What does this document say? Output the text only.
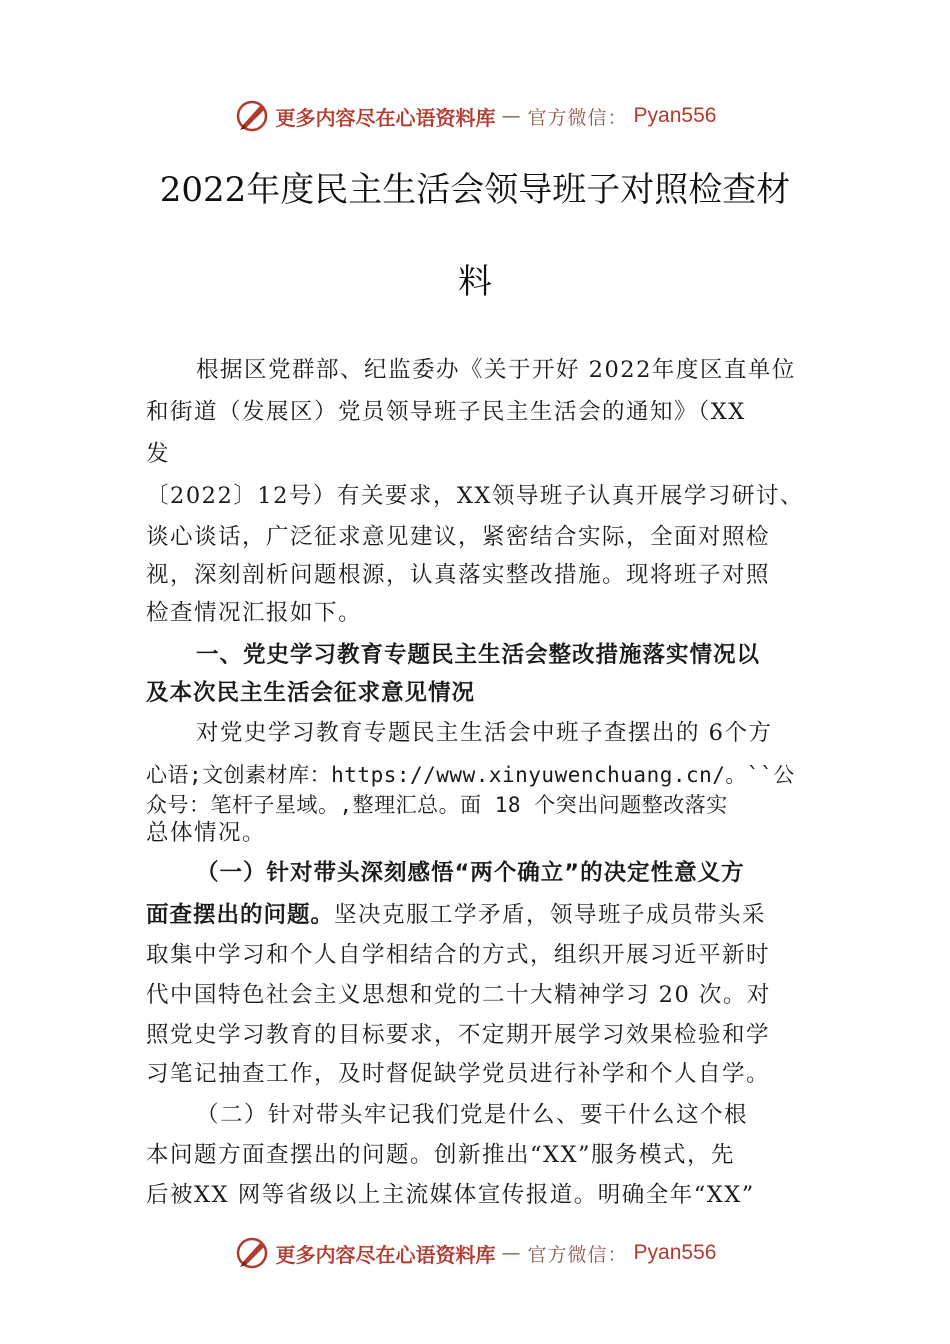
更多内容尽在心语资料库 — 官方微信： Pyan556
2022年度民主生活会领导班子对照检查材
料
根据区党群部、纪监委办《关于开好 2022年度区直单位
和街道（发展区）党员领导班子民主生活会的通知》（XX
发
〔2022〕12号）有关要求，XX领导班子认真开展学习研讨、
谈心谈话，广泛征求意见建议，紧密结合实际，全面对照检
视，深刻剖析问题根源，认真落实整改措施。现将班子对照
检查情况汇报如下。
一、党史学习教育专题民主生活会整改措施落实情况以
及本次民主生活会征求意见情况
对党史学习教育专题民主生活会中班子查摆出的 6个方
心语;文创素材库：https://www.xinyuwenchuang.cn/。``公
众号：笔杆子星域。,整理汇总。面 18 个突出问题整改落实
总体情况。
（一）针对带头深刻感悟“两个确立”的决定性意义方
面查摆出的问题。坚决克服工学矛盾，领导班子成员带头采
取集中学习和个人自学相结合的方式，组织开展习近平新时
代中国特色社会主义思想和党的二十大精神学习 20 次。对
照党史学习教育的目标要求，不定期开展学习效果检验和学
习笔记抽查工作，及时督促缺学党员进行补学和个人自学。
（二）针对带头牢记我们党是什么、要干什么这个根
本问题方面查摆出的问题。创新推出“XX”服务模式，先
后被XX 网等省级以上主流媒体宣传报道。明确全年“XX”
更多内容尽在心语资料库 — 官方微信： Pyan556
